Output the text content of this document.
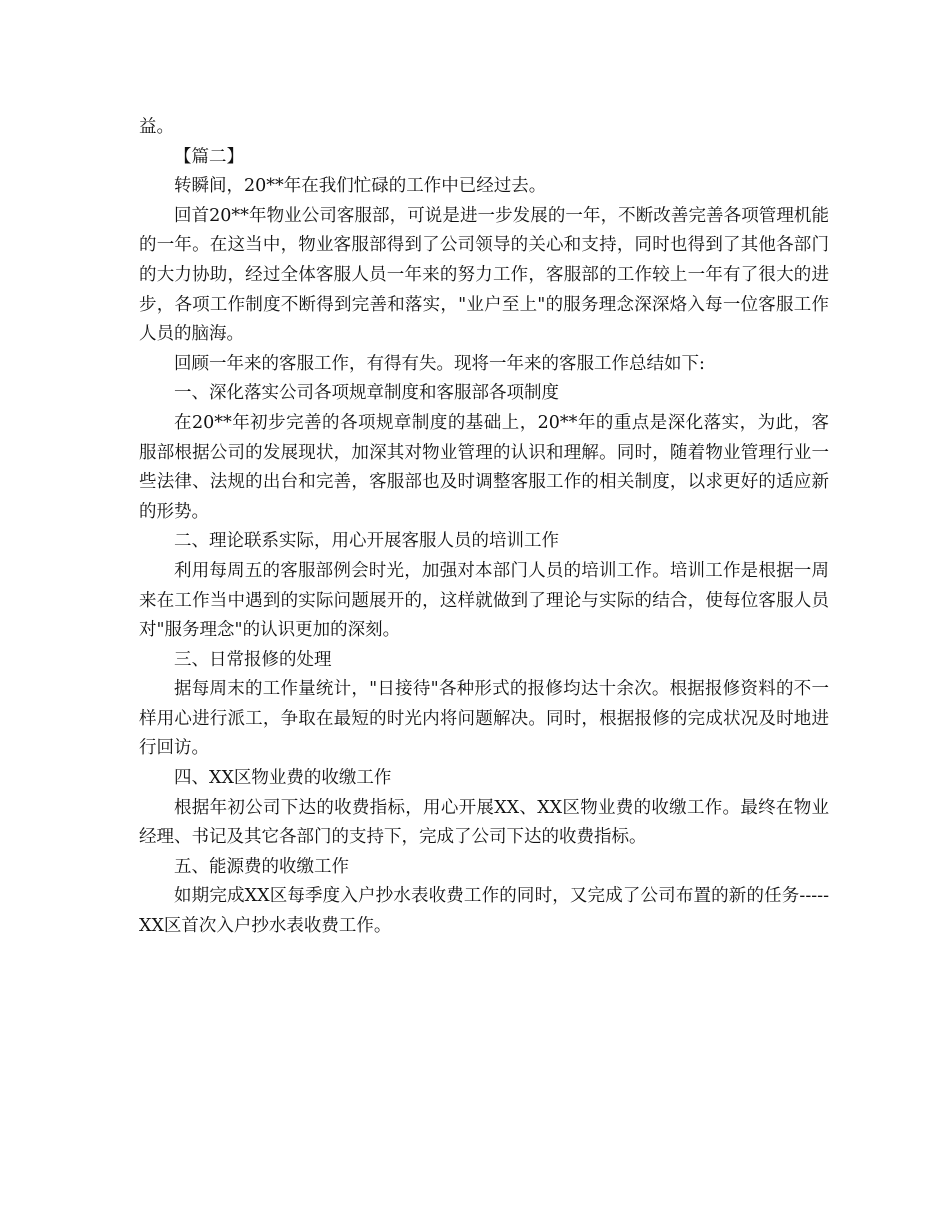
益。

【篇二】

转瞬间，20**年在我们忙碌的工作中已经过去。

回首20**年物业公司客服部，可说是进一步发展的一年，不断改善完善各项管理机能的一年。在这当中，物业客服部得到了公司领导的关心和支持，同时也得到了其他各部门的大力协助，经过全体客服人员一年来的努力工作，客服部的工作较上一年有了很大的进步，各项工作制度不断得到完善和落实，"业户至上"的服务理念深深烙入每一位客服工作人员的脑海。

回顾一年来的客服工作，有得有失。现将一年来的客服工作总结如下:

一、深化落实公司各项规章制度和客服部各项制度

在20**年初步完善的各项规章制度的基础上，20**年的重点是深化落实，为此，客服部根据公司的发展现状，加深其对物业管理的认识和理解。同时，随着物业管理行业一些法律、法规的出台和完善，客服部也及时调整客服工作的相关制度，以求更好的适应新的形势。

二、理论联系实际，用心开展客服人员的培训工作

利用每周五的客服部例会时光，加强对本部门人员的培训工作。培训工作是根据一周来在工作当中遇到的实际问题展开的，这样就做到了理论与实际的结合，使每位客服人员对"服务理念"的认识更加的深刻。

三、日常报修的处理

据每周末的工作量统计，"日接待"各种形式的报修均达十余次。根据报修资料的不一样用心进行派工，争取在最短的时光内将问题解决。同时，根据报修的完成状况及时地进行回访。

四、XX区物业费的收缴工作

根据年初公司下达的收费指标，用心开展XX、XX区物业费的收缴工作。最终在物业经理、书记及其它各部门的支持下，完成了公司下达的收费指标。

五、能源费的收缴工作

如期完成XX区每季度入户抄水表收费工作的同时，又完成了公司布置的新的任务-----XX区首次入户抄水表收费工作。
